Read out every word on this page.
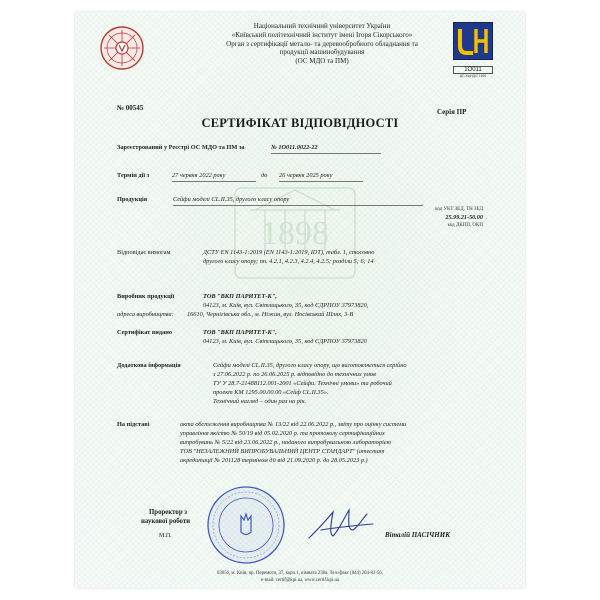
1898
1О011
ДП УкрНДІС 1965
Національний технічний університет України
«Київський політехнічний інститут імені Ігоря Сікорського»
Орган з сертифікації метало- та деревообробного обладнання та
продукції машинобудування
(ОС МДО та ПМ)
№ 00545
СЕРТИФІКАТ ВІДПОВІДНОСТІ
Серія ПР
Зареєстрований у Реєстрі ОС МДО та ПМ за	№ 1О011.0022-22
Термін дії з	27 червня 2022 року	до 26 червня 2025 року
Продукція	Сейфи моделі CL.II.35, другого класу опору
код УКТ ЗЕД, ТН ЗЕД
25.99.21-50.00
код ДКПП, ОКП
Відповідає вимогам	ДСТУ EN 1143-1:2019 (EN 1143-1:2019, IDT), табл. 1, стосовно
другого класу опору; пп. 4.2.1, 4.2.3, 4.2.4, 4.2.5; розділи 5; 6; 14
Виробник продукції	ТОВ "ВКП ПАРИТЕТ-К",
04123, м. Київ, вул. Світлицького, 35, код ЄДРПОУ 37973820,
адреса виробництва: 16610, Чернігівська обл., м. Ніжин, вул. Носівський Шлях, 3-В
Сертифікат видано	ТОВ "ВКП ПАРИТЕТ-К",
04123, м. Київ, вул. Світлицького, 35, код ЄДРПОУ 37973820
Додаткова інформація	Сейфи моделі CL.II.35, другого класу опору, що виготовляється серійно
з 27.06.2022 р. по 26.06.2025 р. відповідно до технічних умов
ТУ У 28.7-21488112.001-2001 «Сейфи. Технічні умови» та робочий
проект КМ 1295.00.00.00 «Сейф CL.II.35».
Технічний нагляд – один раз на рік.
На підставі	акта обстеження виробництва № 13/22 від 22.06.2022 р., звіту про оцінку системи
управління якістю № 50/19 від 05.02.2020 р. та протоколу сертифікаційних
випробувань № 5/22 від 23.06.2022 р., наданого випробувальною лабораторією
ТОВ "НЕЗАЛЕЖНИЙ ВИПРОБУВАЛЬНИЙ ЦЕНТР СТАНДАРТ" (атестат
акредитації № 201128 терміном дії від 21.09.2020 р. до 28.05.2023 р.)
Проректор з
наукової роботи
М.П.	Віталій ПАСІЧНИК
03056, м. Київ, пр. Перемоги, 37, корп.1, кімната 238а. Тел./факс (044) 204-82-56,
e-mail: certif@kpi.ua, www.certif.kpi.ua
